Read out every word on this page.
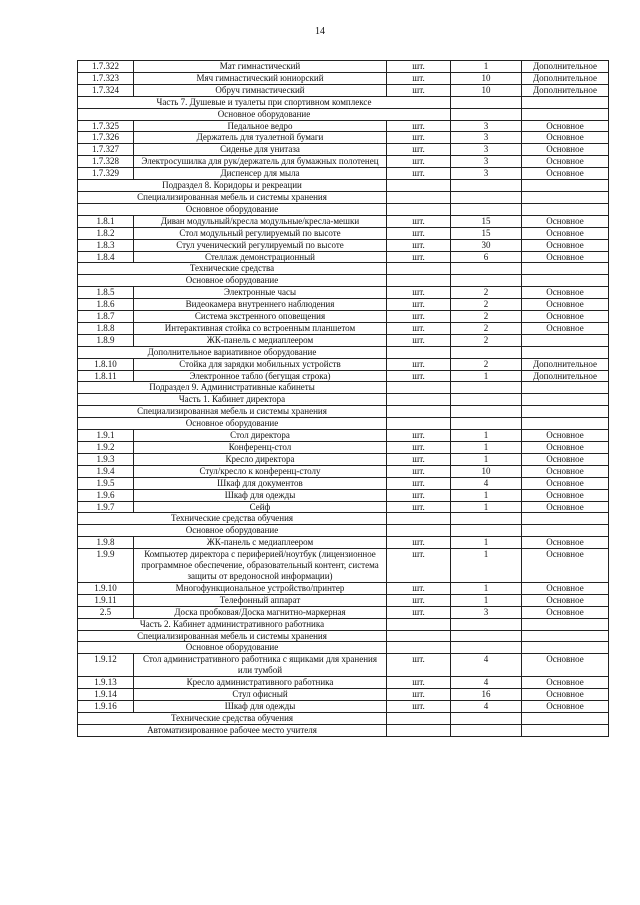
14
1.7.322	Мат гимнастический	шт.	1	Дополнительное
1.7.323	Мяч гимнастический юниорский	шт.	10	Дополнительное
1.7.324	Обруч гимнастический	шт.	10	Дополнительное
Часть 7. Душевые и туалеты при спортивном комплексе				
Основное оборудование				
1.7.325	Педальное ведро	шт.	3	Основное
1.7.326	Держатель для туалетной бумаги	шт.	3	Основное
1.7.327	Сиденье для унитаза	шт.	3	Основное
1.7.328	Электросушилка для рук/держатель для бумажных полотенец	шт.	3	Основное
1.7.329	Диспенсер для мыла	шт.	3	Основное
Подраздел 8. Коридоры и рекреации				
Специализированная мебель и системы хранения				
Основное оборудование				
1.8.1	Диван модульный/кресла модульные/кресла-мешки	шт.	15	Основное
1.8.2	Стол модульный регулируемый по высоте	шт.	15	Основное
1.8.3	Стул ученический регулируемый по высоте	шт.	30	Основное
1.8.4	Стеллаж демонстрационный	шт.	6	Основное
Технические средства				
Основное оборудование				
1.8.5	Электронные часы	шт.	2	Основное
1.8.6	Видеокамера внутреннего наблюдения	шт.	2	Основное
1.8.7	Система экстренного оповещения	шт.	2	Основное
1.8.8	Интерактивная стойка со встроенным планшетом	шт.	2	Основное
1.8.9	ЖК-панель с медиаплеером	шт.	2	
Дополнительное вариативное оборудование				
1.8.10	Стойка для зарядки мобильных устройств	шт.	2	Дополнительное
1.8.11	Электронное табло (бегущая строка)	шт.	1	Дополнительное
Подраздел 9. Административные кабинеты				
Часть 1. Кабинет директора				
Специализированная мебель и системы хранения				
Основное оборудование				
1.9.1	Стол директора	шт.	1	Основное
1.9.2	Конференц-стол	шт.	1	Основное
1.9.3	Кресло директора	шт.	1	Основное
1.9.4	Стул/кресло к конференц-столу	шт.	10	Основное
1.9.5	Шкаф для документов	шт.	4	Основное
1.9.6	Шкаф для одежды	шт.	1	Основное
1.9.7	Сейф	шт.	1	Основное
Технические средства обучения				
Основное оборудование				
1.9.8	ЖК-панель с медиаплеером	шт.	1	Основное
1.9.9	Компьютер директора с периферией/ноутбук (лицензионное программное обеспечение, образовательный контент, система защиты от вредоносной информации)	шт.	1	Основное
1.9.10	Многофункциональное устройство/принтер	шт.	1	Основное
1.9.11	Телефонный аппарат	шт.	1	Основное
2.5	Доска пробковая/Доска магнитно-маркерная	шт.	3	Основное
Часть 2. Кабинет административного работника				
Специализированная мебель и системы хранения				
Основное оборудование				
1.9.12	Стол административного работника с ящиками для хранения или тумбой	шт.	4	Основное
1.9.13	Кресло административного работника	шт.	4	Основное
1.9.14	Стул офисный	шт.	16	Основное
1.9.16	Шкаф для одежды	шт.	4	Основное
Технические средства обучения				
Автоматизированное рабочее место учителя				
